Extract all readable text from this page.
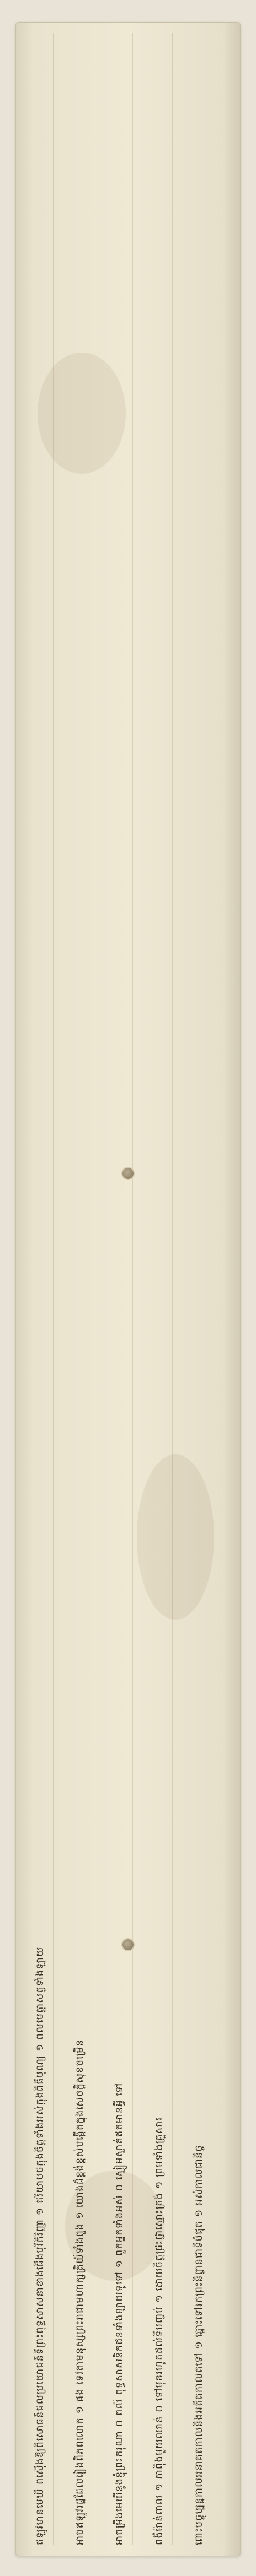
ឥឡូវមានមេឃី ពស៊ើងឱ្យពិសោធន៍ផលប្រយោជន៍ទីព្រះពុទ្ធសាសនាខាងជើងបុរីភិរិញ្ញា ១ ឥរិយាបថក្នុងចិត្តទាំងអស់ក្នុងពិធីបុណ្យ ១ ពលមេត្តាសត្វទាំងឡាយ	អាចឥឡូវរដ្ឋដែលរៀងពិភពលោក ១ ផង ទេវតាមនុស្សព្រះរាជាមហាក្សត្រិយ៍ទាំងពួង ១ យោងដ៏ខ្ពង់ខ្ពស់បង្កើតក្នុងសេចក្តីសុខចម្រើន	អាចម្រឹងមេឃីនូងខ្ញុំព្រះករុណា ០ ពល៍ ពុទ្ធសាសនិកជនទាំងឡាយទូទៅ ១ ពួកអ្នកទាំងអស់ ០ ស្ងៀមស្ងាត់ឥតមានអ្វី ទៅ	ពងឹម៉ាន់ពាល ១ ភាព៉ិងមួយឈាន់ ០ ទៅមុខរហូតដល់ទីបញ្ចប់ ១ ដោយចិត្តជ្រះថ្លាស្មោះត្រង់ ១ ព្រមទាំងគ្រួសារ	ពោះបច្ចុប្បន្នកាលអនាគតកាលនិងអតីតកាលតទៅ ១ ឆ្ពោះទៅរកព្រះនិព្វានជាទីបំផុត ១ អស់កាលជានិច្ច
